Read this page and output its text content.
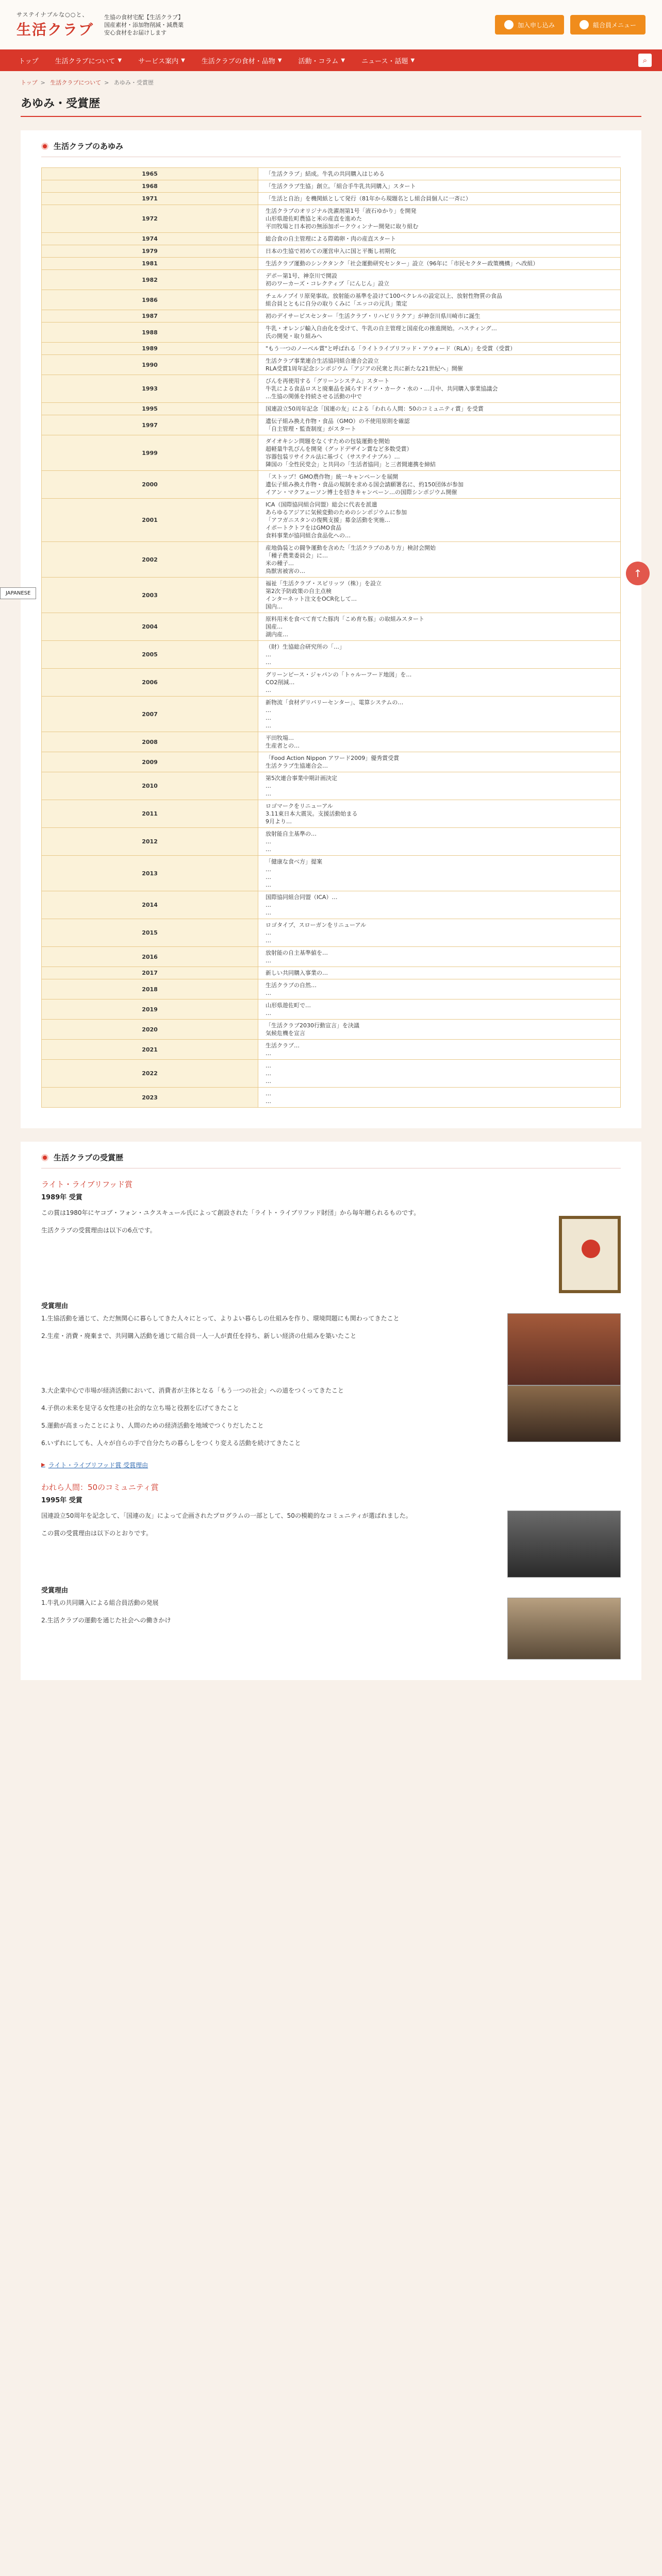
サステイナブルな○○と、
生活クラブ
生協の食材宅配【生活クラブ】
国産素材・添加物削減・減農薬
安心食材をお届けします
加入申し込み	組合員メニュー
トップ 生活クラブについて ▼ サービス案内 ▼ 生活クラブの食材・品物 ▼ 活動・コラム ▼ ニュース・話題 ▼	⌕
トップ > 生活クラブについて > あゆみ・受賞歴
あゆみ・受賞歴
生活クラブのあゆみ
1965	「生活クラブ」結成。牛乳の共同購入はじめる
1968	「生活クラブ生協」創立。「組合手牛乳共同購入」スタート
1971	「生活と自治」を機関紙として発行（81年から現題名とし組合員個人に一斉に）
1972	生活クラブのオリジナル洗濯剤第1号「液石ゆかり」を開発
山形県遊佐町農協と米の産直を進めた
平田牧場と日本初の無添加ポークウィンナー開発に取り組む
1974	総合食の自主管理による際鶏卵・肉の産直スタート
1979	日本の生協で初めての運営申入に国と平衡し初期化
1981	生活クラブ運動のシンクタンク「社会運動研究センター」設立（96年に「市民セクター政策機構」へ改組）
1982	デポー第1号、神奈川で開設
初のワーカーズ・コレクティブ「にんじん」設立
1986	チェルノブイリ原発事故。放射能の基準を設けて100ベクレルの設定以上、放射性物質の食品
組合員とともに自分の取りくみに「エッコの元具」策定
1987	初のデイサービスセンター「生活クラブ・リハビリラクア」が神奈川県川崎市に誕生
1988	牛乳・オレンジ輸入自由化を受けて、牛乳の自主管理と国産化の推進開始。ハスティング…
氏の開発・取り組みへ
1989	"もう一つのノーベル賞"と呼ばれる「ライトライブリフッド・アウォード（RLA）」を受賞（受賞）
1990	生活クラブ事業連合生活協同組合連合会設立
RLA受賞1周年記念シンポジウム「アジアの民衆と共に新たな21世紀へ」開催
1993	びんを再使用する「グリーンシステム」スタート
牛乳による食品ロスと廃棄品を減らすドイツ・カーク・水の・…月中、共同購入事業協議会
…生協の関係を持続させる活動の中で
1995	国連設立50周年記念「国連の友」による「われら人間：50のコミュニティ賞」を受賞
1997	遺伝子組み換え作物・食品（GMO）の不使用原則を確認
「自主管理・監査制度」がスタート
1999	ダイオキシン問題をなくすための包装運動を開始
超軽量牛乳びんを開発（グッドデザイン賞など多数受賞）
容器包装リサイクル法に基づく（サステイナブル）…
隣国の「全性民党会」と共同の「生活者協同」と三者間連携を締結
2000	「ストップ！GMO農作物」統一キャンペーンを展開
遺伝子組み換え作物・食品の規制を求める国会請願署名に、約150団体が参加
イアン・マクフェーソン博士を招きキャンペーン…の国際シンポジウム開催
2001	ICA（国際協同組合同盟）総会に代表を派遣
あらゆるアジアに気候変動のためのシンポジウムに参加
「アフガニスタンの復興支援」募金活動を実施…
イポートクトフをはGMO食品
食料事業が協同組合食品化への…
2002	産地偽装との闘争運動を含めた「生活クラブのあり方」検討会開始
「種子農業委員会」に…
米の種子…
鳥獣害被害の…
2003	福祉「生活クラブ・スピリッツ（株）」を設立
第2次予防政策の自主点検
インターネット注文をOCR化して…
国内…
2004	原料用米を食べて育てた豚肉「こめ育ち豚」の取組みスタート
国産…
湖内産…
2005	（財）生協総合研究所の「…」
…
…
2006	グリーンピース・ジャパンの「トゥルーフード地図」を…
CO2削減…
…
2007	新物流「食材デリバリーセンター」、電算システムの…
…
…
…
2008	平田牧場…
生産者との…
2009	「Food Action Nippon アワード2009」優秀賞受賞
生活クラブ生協連合会…
2010	第5次連合事業中期計画決定
…
…
2011	ロゴマークをリニューアル
3.11東日本大震災。支援活動始まる
9月より…
2012	放射能自主基準の…
…
…
2013	「健康な食べ方」提案
…
…
…
2014	国際協同組合同盟（ICA）…
…
…
2015	ロゴタイプ、スローガンをリニューアル
…
…
2016	放射能の自主基準値を…
…
2017	新しい共同購入事業の…
2018	生活クラブの自然…
…
2019	山形県遊佐町で…
…
2020	「生活クラブ2030行動宣言」を決議
気候危機を宣言
2021	生活クラブ…
…
2022	…
…
…
2023	…
…
生活クラブの受賞歴
ライト・ライブリフッド賞
1989年 受賞
この賞は1980年にヤコブ・フォン・ユクスキュール氏によって創設された「ライト・ライブリフッド財団」から毎年贈られるものです。
生活クラブの受賞理由は以下の6点です。
受賞理由
1.生協活動を通じて、ただ無関心に暮らしてきた人々にとって、よりよい暮らしの仕組みを作り、環境問題にも関わってきたこと
2.生産・消費・廃棄まで、共同購入活動を通じて組合員一人一人が責任を持ち、新しい経済の仕組みを築いたこと
3.大企業中心で市場が経済活動において、消費者が主体となる「もう一つの社会」への道をつくってきたこと
4.子供の未来を見守る女性達の社会的な立ち場と役割を広げてきたこと
5.運動が高まったことにより、人間のための経済活動を地域でつくりだしたこと
6.いずれにしても、人々が自らの手で自分たちの暮らしをつくり変える活動を続けてきたこと
▶ ライト・ライブリフッド賞 受賞理由
われら人間：50のコミュニティ賞
1995年 受賞
国連設立50周年を記念して、「国連の友」によって企画されたプログラムの一部として、50の模範的なコミュニティが選ばれました。
この賞の受賞理由は以下のとおりです。
受賞理由
1.牛乳の共同購入による組合員活動の発展
2.生活クラブの運動を通じた社会への働きかけ
JAPANESE
↑
